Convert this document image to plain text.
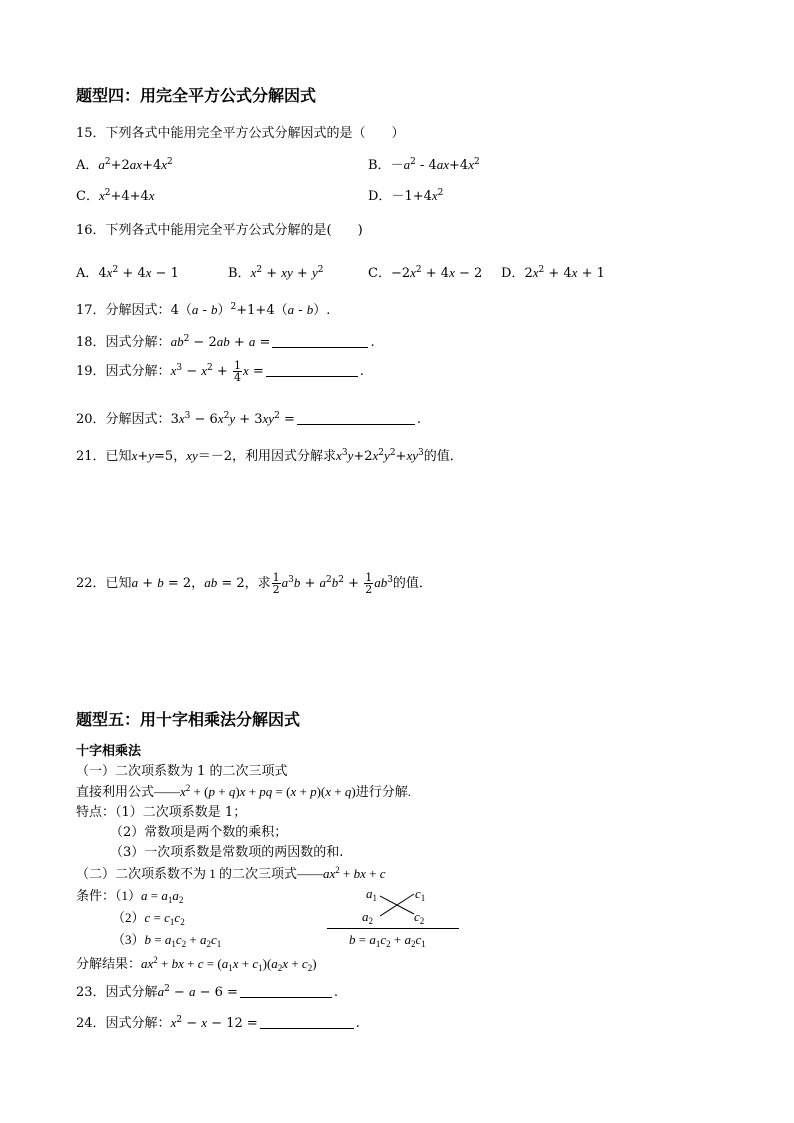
题型四：用完全平方公式分解因式
15．下列各式中能用完全平方公式分解因式的是（　　）
A．$a^2+2ax+4x^2$	B．$-a^2 - 4ax+4x^2$
C．$x^2+4+4x$	D．$-1+4x^2$
16．下列各式中能用完全平方公式分解的是(　　)
A．$4x^2 + 4x - 1$	B．$x^2$ + xy + $y^2$	C．$-2x^2 + 4x - 2$ D．$2x^2 + 4x + 1$
17．分解因式：4（a - b）$^2$+1+4（a - b）.
18．因式分解：$ab^2 - 2ab + a$ =	.
19．因式分解：$x^3 - x^2 + \frac{1}{4}$ x =	.
20．分解因式：$3x^3 - 6x^2y + 3xy^2$ =	.
21．已知x+y=5，xy＝－2，利用因式分解求$x^3y+2x^2y^2+xy^3$的值．
22．已知a + b = 2，ab = 2，求 $\frac{1}{2} a^3b + a^2b^2 + \frac{1}{2} ab^3$的值．
题型五：用十字相乘法分解因式
十字相乘法
（一）二次项系数为 1 的二次三项式
直接利用公式$——x^2 + (p + q)x$ + pq = (x + p)(x + q)进行分解.
特点：（1）二次项系数是 1；
（2）常数项是两个数的乘积；
（3）一次项系数是常数项的两因数的和.
（二）二次项系数不为 1 的二次三项式$——ax^2$ + bx + c
条件：$(1)a = a_1a_2$
$(2)c = c_1c_2$
$(3)b = a_1c_2 + a_2c_1$
$a_1$	$c_1$
$a_2$	$c_2$
$b = a_1c_2 + a_2c_1$
分解结果：$ax^2$ + bx + $c = (a_1x + c_1)(a_2x + c_2)$
23．因式分解$a^2 - a - 6$ =	.
24．因式分解：$x^2 - x - 12$ =	.
